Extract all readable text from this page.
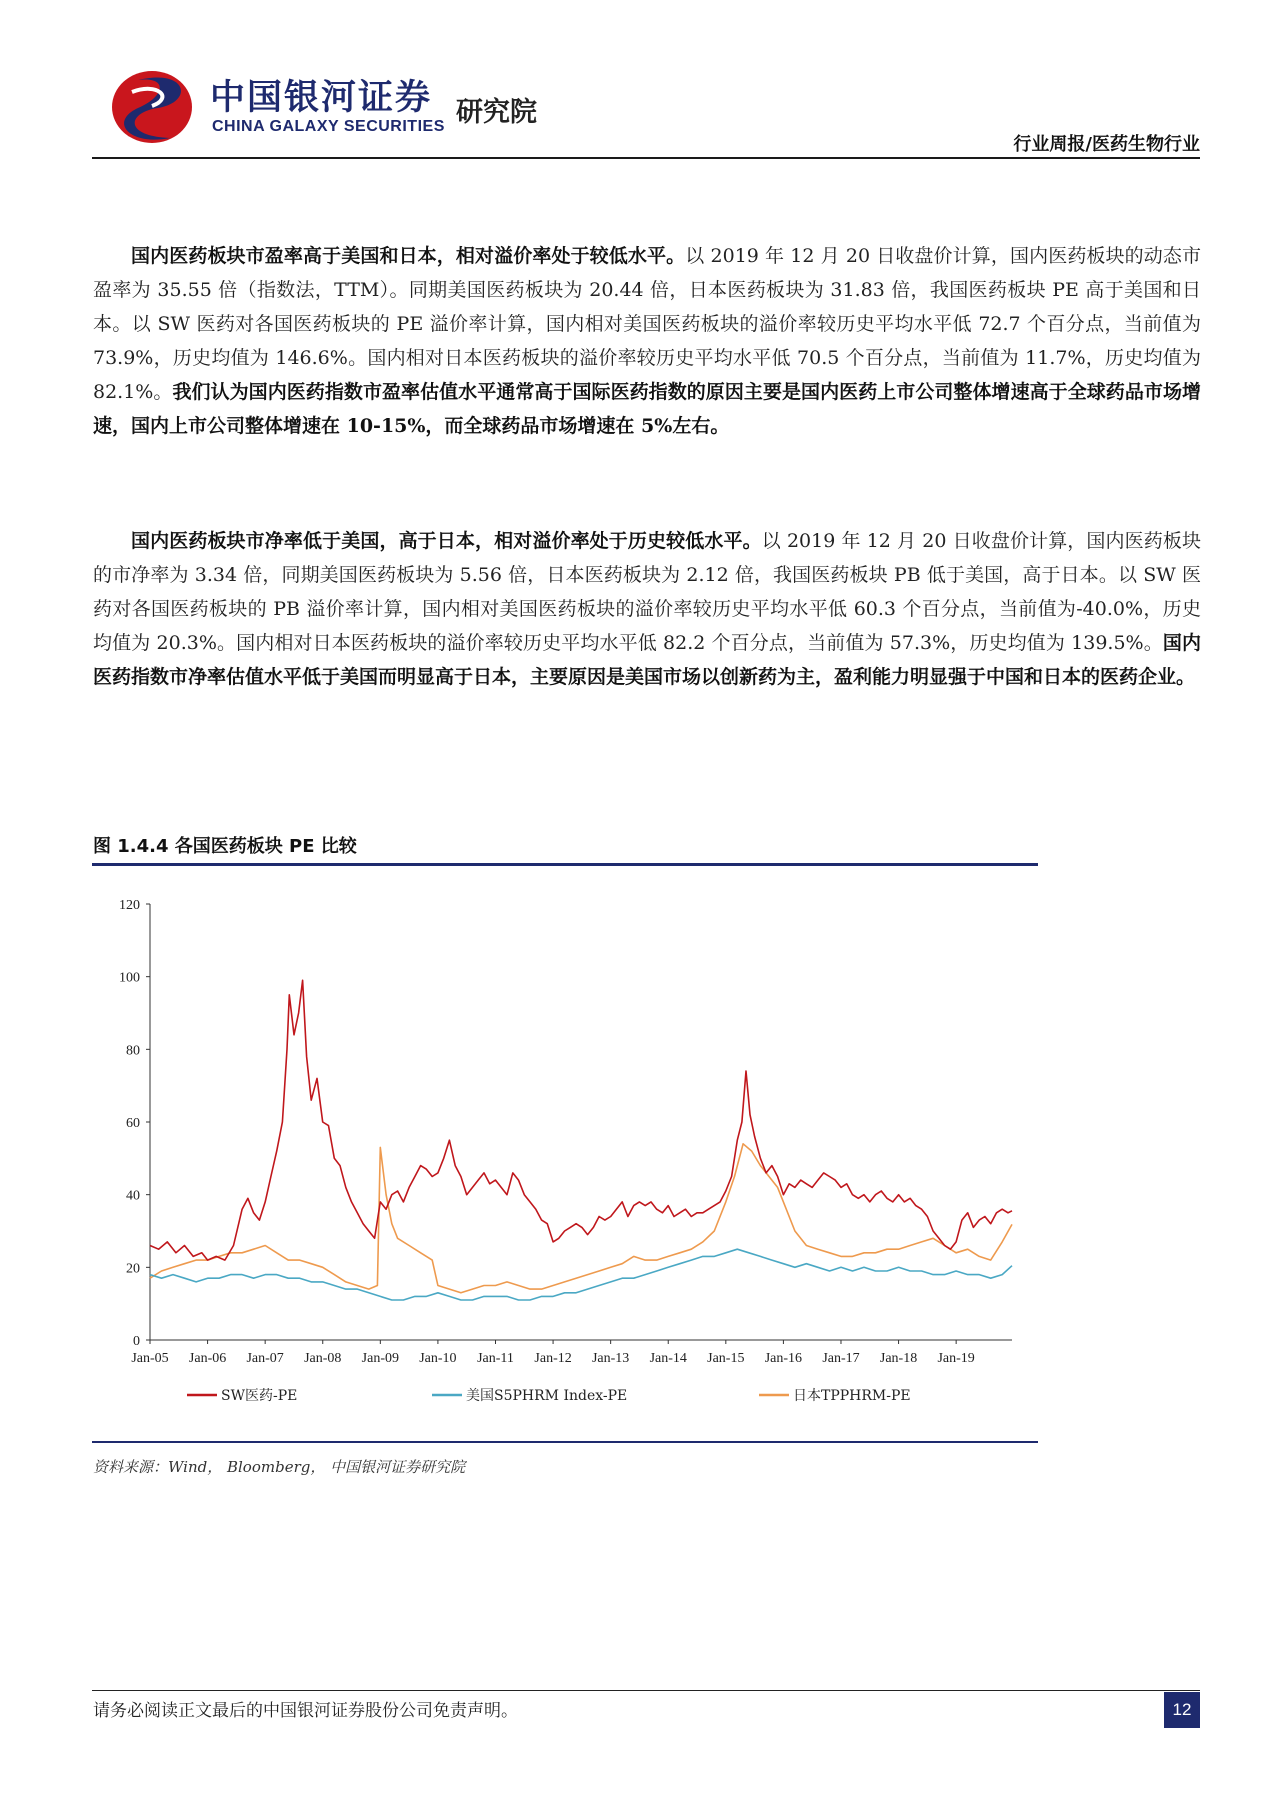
中国银河证券
CHINA GALAXY SECURITIES 研究院
行业周报/医药生物行业

国内医药板块市盈率高于美国和日本，相对溢价率处于较低水平。以 2019 年 12 月 20 日收盘价计算，国内医药板块的动态市盈率为 35.55 倍（指数法，TTM）。同期美国医药板块为 20.44 倍，日本医药板块为 31.83 倍，我国医药板块 PE 高于美国和日本。以 SW 医药对各国医药板块的 PE 溢价率计算，国内相对美国医药板块的溢价率较历史平均水平低 72.7 个百分点，当前值为 73.9%，历史均值为 146.6%。国内相对日本医药板块的溢价率较历史平均水平低 70.5 个百分点，当前值为 11.7%，历史均值为 82.1%。我们认为国内医药指数市盈率估值水平通常高于国际医药指数的原因主要是国内医药上市公司整体增速高于全球药品市场增速，国内上市公司整体增速在 10-15%，而全球药品市场增速在 5%左右。

国内医药板块市净率低于美国，高于日本，相对溢价率处于历史较低水平。以 2019 年 12 月 20 日收盘价计算，国内医药板块的市净率为 3.34 倍，同期美国医药板块为 5.56 倍，日本医药板块为 2.12 倍，我国医药板块 PB 低于美国，高于日本。以 SW 医药对各国医药板块的 PB 溢价率计算，国内相对美国医药板块的溢价率较历史平均水平低 60.3 个百分点，当前值为-40.0%，历史均值为 20.3%。国内相对日本医药板块的溢价率较历史平均水平低 82.2 个百分点，当前值为 57.3%，历史均值为 139.5%。国内医药指数市净率估值水平低于美国而明显高于日本，主要原因是美国市场以创新药为主，盈利能力明显强于中国和日本的医药企业。

图 1.4.4 各国医药板块 PE 比较
0
20
40
60
80
100
120
Jan-05 Jan-06 Jan-07 Jan-08 Jan-09 Jan-10 Jan-11 Jan-12 Jan-13 Jan-14 Jan-15 Jan-16 Jan-17 Jan-18 Jan-19
SW医药-PE	美国S5PHRM Index-PE	日本TPPHRM-PE
资料来源：Wind， Bloomberg， 中国银河证券研究院
请务必阅读正文最后的中国银河证券股份公司免责声明。	12
